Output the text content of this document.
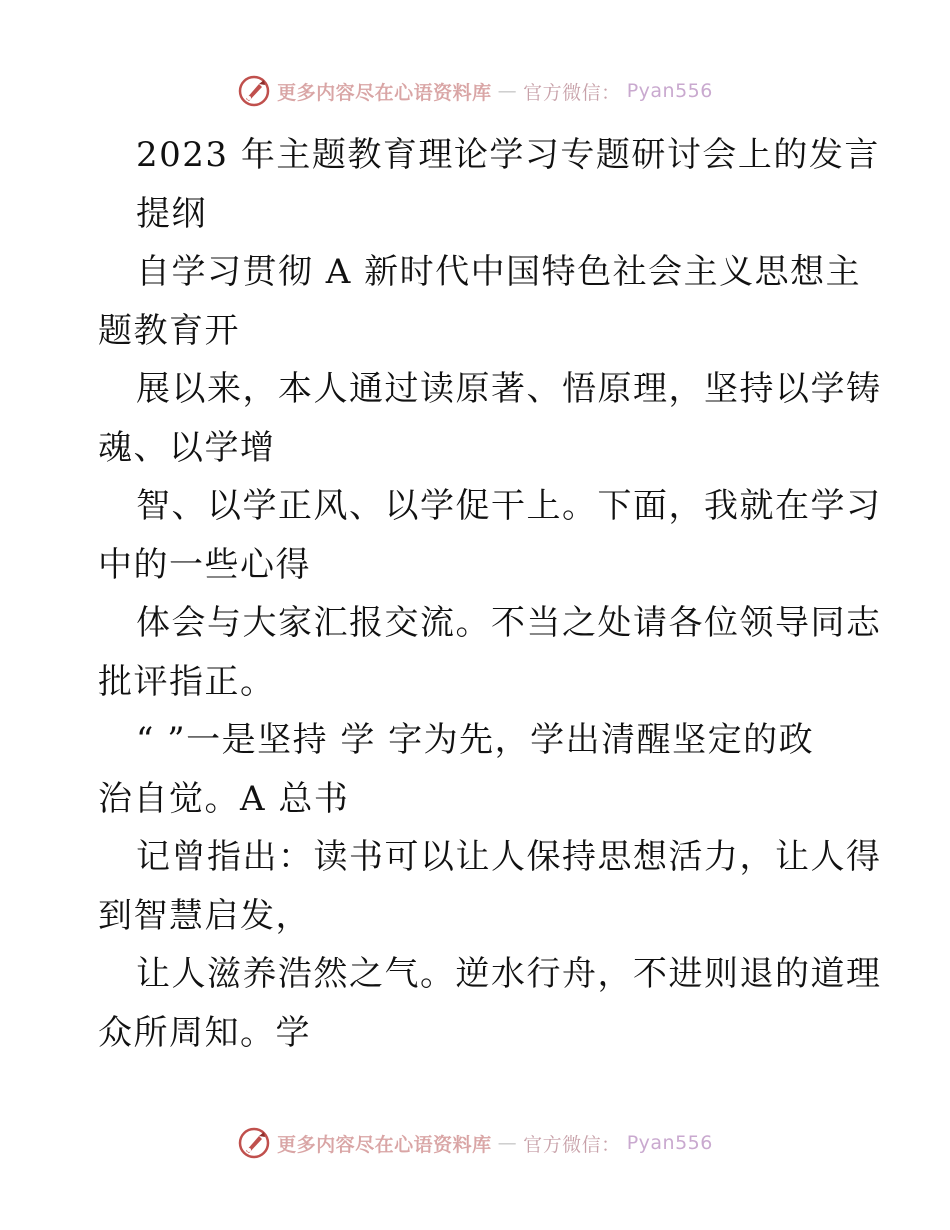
更多内容尽在心语资料库 — 官方微信： Pyan556
2023 年主题教育理论学习专题研讨会上的发言
提纲
自学习贯彻 A 新时代中国特色社会主义思想主
题教育开
展以来，本人通过读原著、悟原理，坚持以学铸
魂、以学增
智、以学正风、以学促干上。下面，我就在学习
中的一些心得
体会与大家汇报交流。不当之处请各位领导同志
批评指正。
“ ”一是坚持 学 字为先，学出清醒坚定的政
治自觉。A 总书
记曾指出：读书可以让人保持思想活力，让人得
到智慧启发，
让人滋养浩然之气。逆水行舟，不进则退的道理
众所周知。学
更多内容尽在心语资料库 — 官方微信： Pyan556
